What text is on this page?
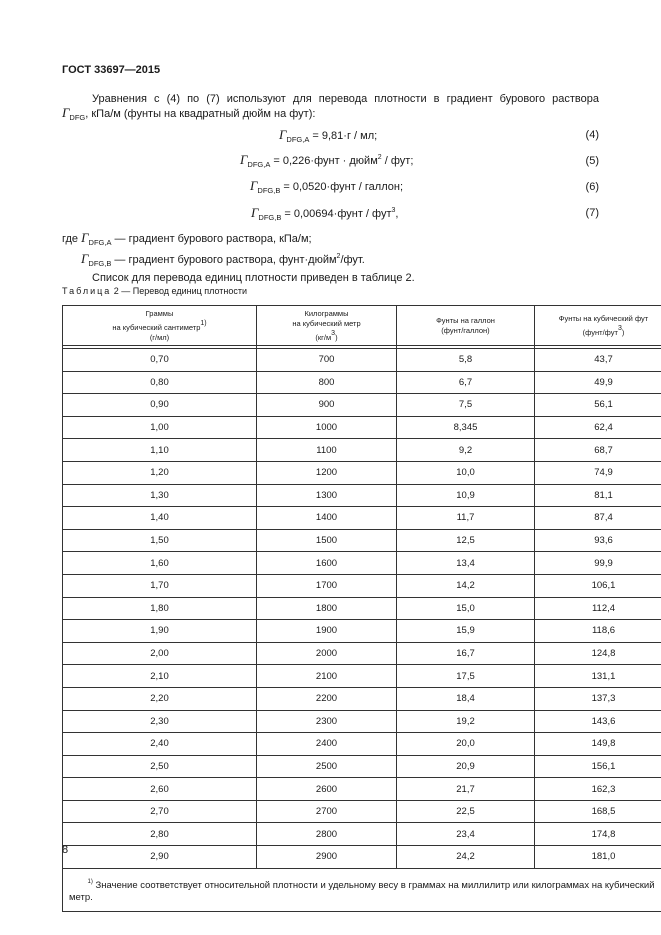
ГОСТ 33697—2015
Уравнения с (4) по (7) используют для перевода плотности в градиент бурового раствора
$\Gamma_{DFG}$, кПа/м (фунты на квадратный дюйм на фут):
$\Gamma_{DFG,A} = 9,81\cdot г$ / мл;	(4)
$\Gamma_{DFG,A}$ = 0,226·фунт · дюйм$^2$ / фут;	(5)
$\Gamma_{DFG,B}$ = 0,0520·фунт / галлон;	(6)
$\Gamma_{DFG,B}$ = 0,00694·фунт / фут$^3$,	(7)
где $\Gamma_{DFG,A}$ — градиент бурового раствора, кПа/м;
$\Gamma_{DFG,B}$ — градиент бурового раствора, фунт·дюйм$^2$/фут.
Список для перевода единиц плотности приведен в таблице 2.
Таблица 2 — Перевод единиц плотности
Граммы
на кубический сантиметр$^{1)}$
(г/мл)	Килограммы
на кубический метр
$(кг/м^3)$	Фунты на галлон
(фунт/галлон)	Фунты на кубический фут
(фунт/фут$^3$)

0,70	700	5,8	43,7
0,80	800	6,7	49,9
0,90	900	7,5	56,1
1,00	1000	8,345	62,4
1,10	1100	9,2	68,7
1,20	1200	10,0	74,9
1,30	1300	10,9	81,1
1,40	1400	11,7	87,4
1,50	1500	12,5	93,6
1,60	1600	13,4	99,9
1,70	1700	14,2	106,1
1,80	1800	15,0	112,4
1,90	1900	15,9	118,6
2,00	2000	16,7	124,8
2,10	2100	17,5	131,1
2,20	2200	18,4	137,3
2,30	2300	19,2	143,6
2,40	2400	20,0	149,8
2,50	2500	20,9	156,1
2,60	2600	21,7	162,3
2,70	2700	22,5	168,5
2,80	2800	23,4	174,8
2,90	2900	24,2	181,0
$^{1)}$ Значение соответствует относительной плотности и удельному весу в граммах на миллилитр или килограммах на кубический метр.			
8
